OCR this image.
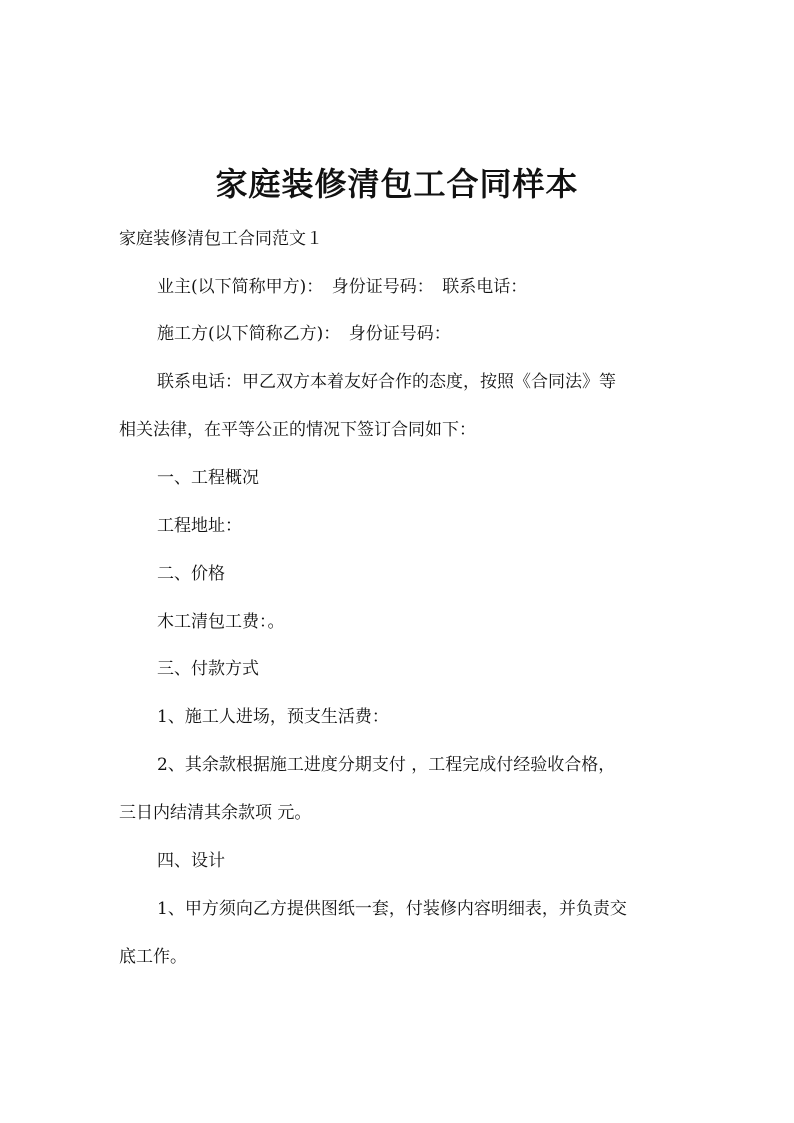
家庭装修清包工合同样本

家庭装修清包工合同范文１

业主(以下简称甲方)：　身份证号码：　联系电话：

施工方(以下简称乙方)：　身份证号码：

联系电话：甲乙双方本着友好合作的态度，按照《合同法》等

相关法律，在平等公正的情况下签订合同如下：

一、工程概况

工程地址：

二、价格

木工清包工费：。

三、付款方式

1、施工人进场，预支生活费：

2、其余款根据施工进度分期支付 ，工程完成付经验收合格，

三日内结清其余款项 元。

四、设计

1、甲方须向乙方提供图纸一套，付装修内容明细表，并负责交

底工作。
